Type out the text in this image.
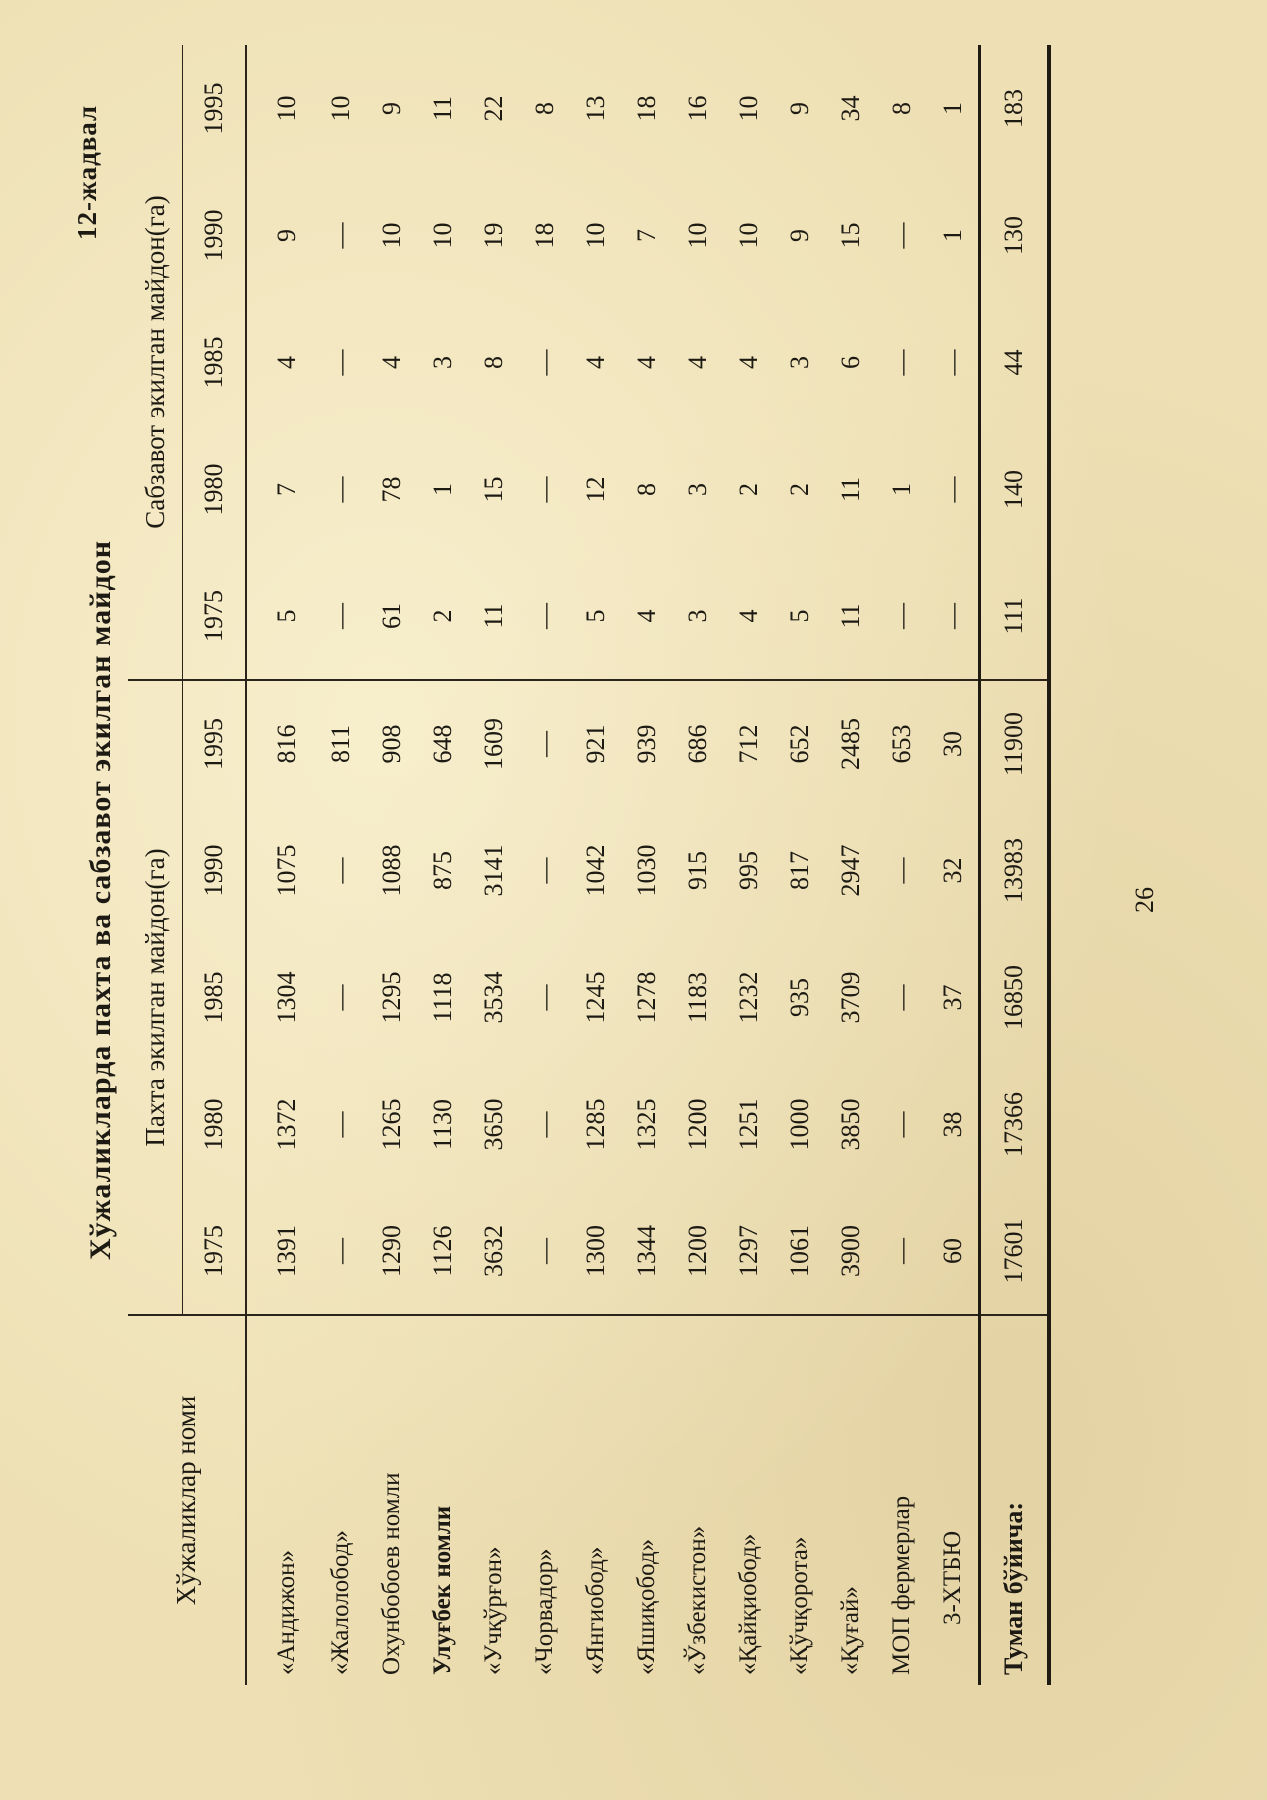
12-жадвал
Хўжаликларда пахта ва сабзавот экилган майдон
Хўжаликлар номи	Пахта экилган майдон(га)					Сабзавот экилган майдон(га)				
	1975	1980	1985	1990	1995	1975	1980	1985	1990	1995
«Андижон»	1391	1372	1304	1075	816	5	7	4	9	10
«Жалолобод»	—	—	—	—	811	—	—	—	—	10
Охунбобоев номли	1290	1265	1295	1088	908	61	78	4	10	9
Улуғбек номли	1126	1130	1118	875	648	2	1	3	10	11
«Учқўрғон»	3632	3650	3534	3141	1609	11	15	8	19	22
«Чорвадор»	—	—	—	—	—	—	—	—	18	8
«Янгиобод»	1300	1285	1245	1042	921	5	12	4	10	13
«Яшиқобод»	1344	1325	1278	1030	939	4	8	4	7	18
«Ўзбекистон»	1200	1200	1183	915	686	3	3	4	10	16
«Қайқиобод»	1297	1251	1232	995	712	4	2	4	10	10
«Қўчқорота»	1061	1000	935	817	652	5	2	3	9	9
«Қуғай»	3900	3850	3709	2947	2485	11	11	6	15	34
МОП фермерлар	—	—	—	—	653	—	1	—	—	8
3-ХТБЮ	60	38	37	32	30	—	—	—	1	1
Туман бўйича:	17601	17366	16850	13983	11900	111	140	44	130	183
26
